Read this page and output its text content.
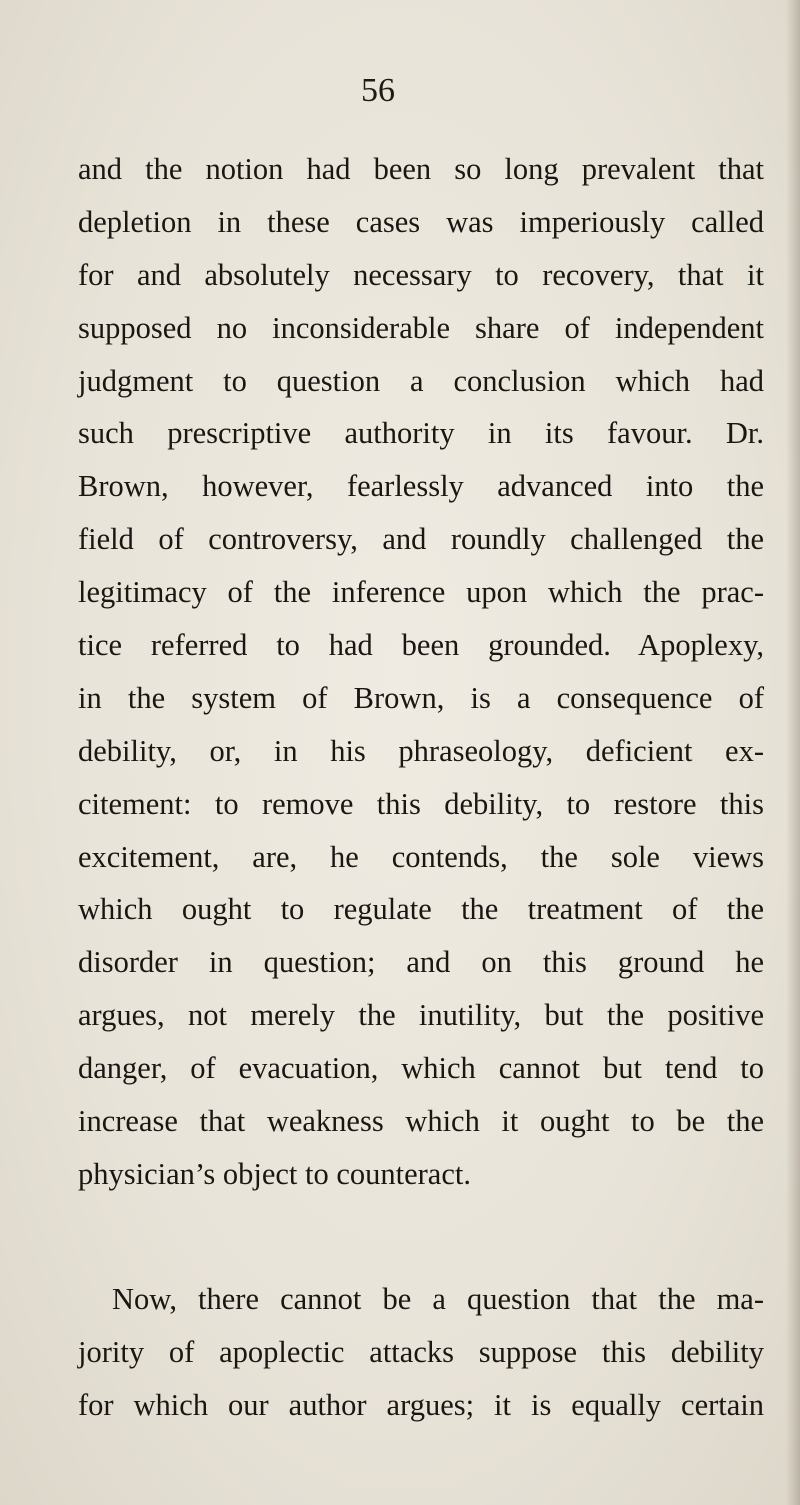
56
and the notion had been so long prevalent that
depletion in these cases was imperiously called
for and absolutely necessary to recovery, that it
supposed no inconsiderable share of independent
judgment to question a conclusion which had
such prescriptive authority in its favour. Dr.
Brown, however, fearlessly advanced into the
field of controversy, and roundly challenged the
legitimacy of the inference upon which the prac-
tice referred to had been grounded. Apoplexy,
in the system of Brown, is a consequence of
debility, or, in his phraseology, deficient ex-
citement: to remove this debility, to restore this
excitement, are, he contends, the sole views
which ought to regulate the treatment of the
disorder in question; and on this ground he
argues, not merely the inutility, but the positive
danger, of evacuation, which cannot but tend to
increase that weakness which it ought to be the
physician’s object to counteract.
Now, there cannot be a question that the ma-
jority of apoplectic attacks suppose this debility
for which our author argues; it is equally certain
